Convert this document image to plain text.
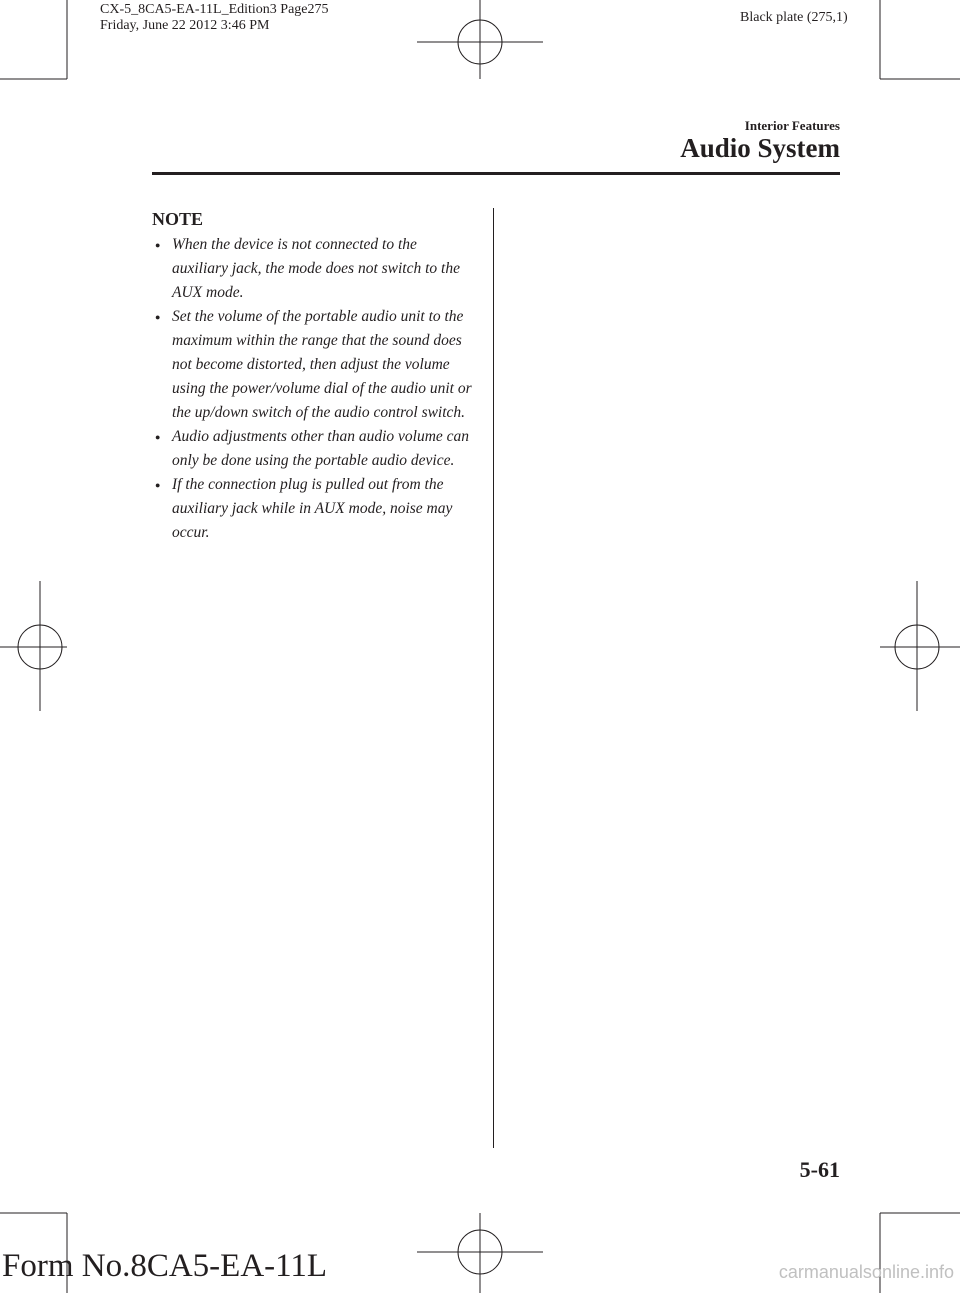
CX-5_8CA5-EA-11L_Edition3 Page275
Friday, June 22 2012 3:46 PM
Black plate (275,1)
Interior Features
Audio System
NOTE
● When the device is not connected to the auxiliary jack, the mode does not switch to the AUX mode.
● Set the volume of the portable audio unit to the maximum within the range that the sound does not become distorted, then adjust the volume using the power/volume dial of the audio unit or the up/down switch of the audio control switch.
● Audio adjustments other than audio volume can only be done using the portable audio device.
● If the connection plug is pulled out from the auxiliary jack while in AUX mode, noise may occur.
5-61
Form No.8CA5-EA-11L	carmanualsonline.info
